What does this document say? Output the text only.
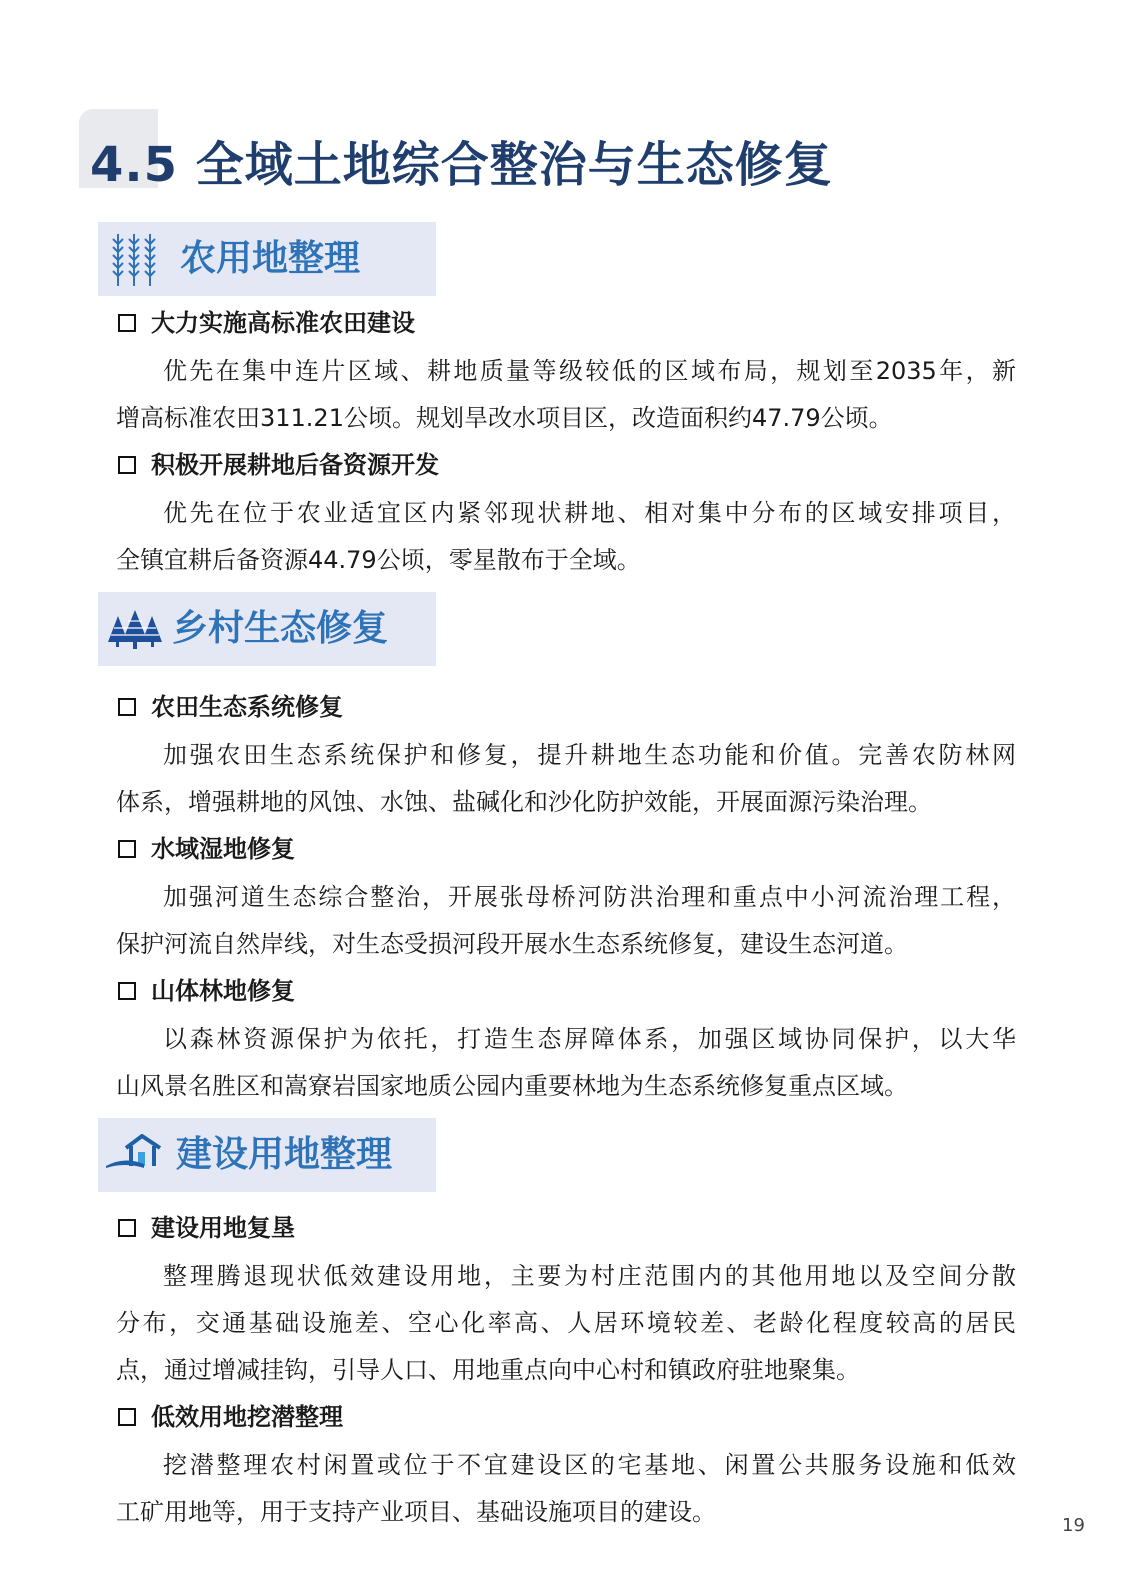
4.5 全域土地综合整治与生态修复
农用地整理
大力实施高标准农田建设
优先在集中连片区域、耕地质量等级较低的区域布局，规划至2035年，新
增高标准农田311.21公顷。规划旱改水项目区，改造面积约47.79公顷。
积极开展耕地后备资源开发
优先在位于农业适宜区内紧邻现状耕地、相对集中分布的区域安排项目，
全镇宜耕后备资源44.79公顷，零星散布于全域。
乡村生态修复
农田生态系统修复
加强农田生态系统保护和修复，提升耕地生态功能和价值。完善农防林网
体系，增强耕地的风蚀、水蚀、盐碱化和沙化防护效能，开展面源污染治理。
水域湿地修复
加强河道生态综合整治，开展张母桥河防洪治理和重点中小河流治理工程，
保护河流自然岸线，对生态受损河段开展水生态系统修复，建设生态河道。
山体林地修复
以森林资源保护为依托，打造生态屏障体系，加强区域协同保护，以大华
山风景名胜区和嵩寮岩国家地质公园内重要林地为生态系统修复重点区域。
建设用地整理
建设用地复垦
整理腾退现状低效建设用地，主要为村庄范围内的其他用地以及空间分散
分布，交通基础设施差、空心化率高、人居环境较差、老龄化程度较高的居民
点，通过增减挂钩，引导人口、用地重点向中心村和镇政府驻地聚集。
低效用地挖潜整理
挖潜整理农村闲置或位于不宜建设区的宅基地、闲置公共服务设施和低效
工矿用地等，用于支持产业项目、基础设施项目的建设。	19
